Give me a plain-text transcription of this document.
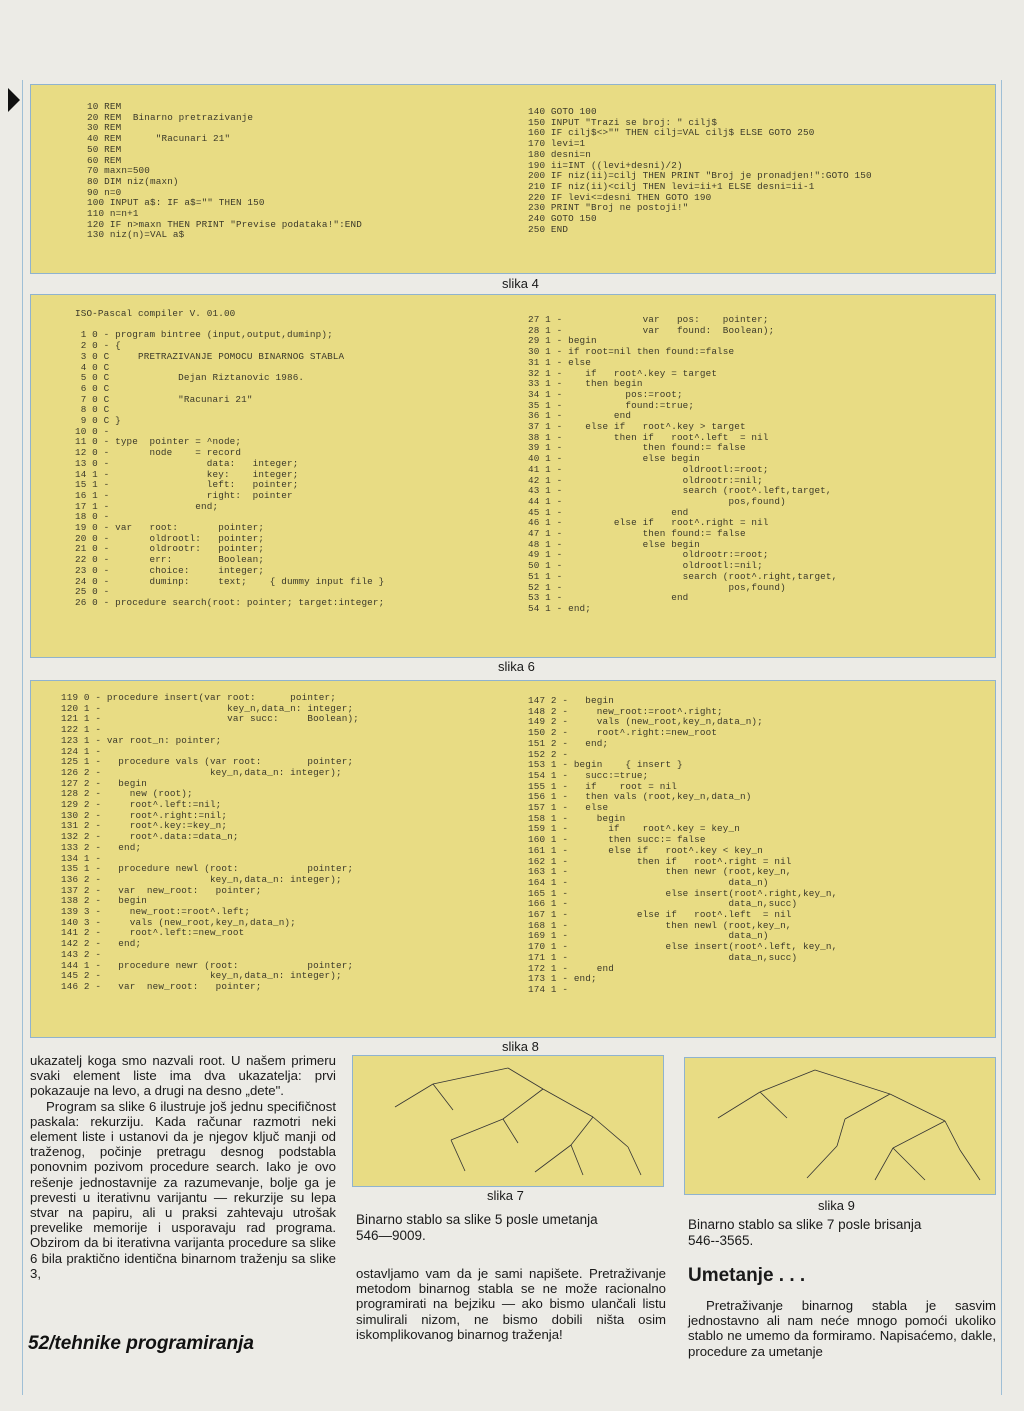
10 REM
20 REM  Binarno pretrazivanje
30 REM
40 REM      "Racunari 21"
50 REM
60 REM
70 maxn=500
80 DIM niz(maxn)
90 n=0
100 INPUT a$: IF a$="" THEN 150
110 n=n+1
120 IF n>maxn THEN PRINT "Previse podataka!":END
130 niz(n)=VAL a$
140 GOTO 100
150 INPUT "Trazi se broj: " cilj$
160 IF cilj$<>"" THEN cilj=VAL cilj$ ELSE GOTO 250
170 levi=1
180 desni=n
190 ii=INT ((levi+desni)/2)
200 IF niz(ii)=cilj THEN PRINT "Broj je pronadjen!":GOTO 150
210 IF niz(ii)<cilj THEN levi=ii+1 ELSE desni=ii-1
220 IF levi<=desni THEN GOTO 190
230 PRINT "Broj ne postoji!"
240 GOTO 150
250 END
slika 4
ISO-Pascal compiler V. 01.00

1 0 - program bintree (input,output,duminp);
2 0 - {
3 0 C     PRETRAZIVANJE POMOCU BINARNOG STABLA
4 0 C
5 0 C            Dejan Riztanovic 1986.
6 0 C
7 0 C            "Racunari 21"
8 0 C
9 0 C }
10 0 -
11 0 - type  pointer = ^node;
12 0 -       node    = record
13 0 -                 data:   integer;
14 1 -                 key:    integer;
15 1 -                 left:   pointer;
16 1 -                 right:  pointer
17 1 -               end;
18 0 -
19 0 - var   root:       pointer;
20 0 -       oldrootl:   pointer;
21 0 -       oldrootr:   pointer;
22 0 -       err:        Boolean;
23 0 -       choice:     integer;
24 0 -       duminp:     text;    { dummy input file }
25 0 -
26 0 - procedure search(root: pointer; target:integer;
27 1 -              var   pos:    pointer;
28 1 -              var   found:  Boolean);
29 1 - begin
30 1 - if root=nil then found:=false
31 1 - else
32 1 -    if   root^.key = target
33 1 -    then begin
34 1 -           pos:=root;
35 1 -           found:=true;
36 1 -         end
37 1 -    else if   root^.key > target
38 1 -         then if   root^.left  = nil
39 1 -              then found:= false
40 1 -              else begin
41 1 -                     oldrootl:=root;
42 1 -                     oldrootr:=nil;
43 1 -                     search (root^.left,target,
44 1 -                             pos,found)
45 1 -                   end
46 1 -         else if   root^.right = nil
47 1 -              then found:= false
48 1 -              else begin
49 1 -                     oldrootr:=root;
50 1 -                     oldrootl:=nil;
51 1 -                     search (root^.right,target,
52 1 -                             pos,found)
53 1 -                   end
54 1 - end;
slika 6
119 0 - procedure insert(var root:      pointer;
120 1 -                      key_n,data_n: integer;
121 1 -                      var succ:     Boolean);
122 1 -
123 1 - var root_n: pointer;
124 1 -
125 1 -   procedure vals (var root:        pointer;
126 2 -                   key_n,data_n: integer);
127 2 -   begin
128 2 -     new (root);
129 2 -     root^.left:=nil;
130 2 -     root^.right:=nil;
131 2 -     root^.key:=key_n;
132 2 -     root^.data:=data_n;
133 2 -   end;
134 1 -
135 1 -   procedure newl (root:            pointer;
136 2 -                   key_n,data_n: integer);
137 2 -   var  new_root:   pointer;
138 2 -   begin
139 3 -     new_root:=root^.left;
140 3 -     vals (new_root,key_n,data_n);
141 2 -     root^.left:=new_root
142 2 -   end;
143 2 -
144 1 -   procedure newr (root:            pointer;
145 2 -                   key_n,data_n: integer);
146 2 -   var  new_root:   pointer;
147 2 -   begin
148 2 -     new_root:=root^.right;
149 2 -     vals (new_root,key_n,data_n);
150 2 -     root^.right:=new_root
151 2 -   end;
152 2 -
153 1 - begin    { insert }
154 1 -   succ:=true;
155 1 -   if    root = nil
156 1 -   then vals (root,key_n,data_n)
157 1 -   else
158 1 -     begin
159 1 -       if    root^.key = key_n
160 1 -       then succ:= false
161 1 -       else if   root^.key < key_n
162 1 -            then if   root^.right = nil
163 1 -                 then newr (root,key_n,
164 1 -                            data_n)
165 1 -                 else insert(root^.right,key_n,
166 1 -                            data_n,succ)
167 1 -            else if   root^.left  = nil
168 1 -                 then newl (root,key_n,
169 1 -                            data_n)
170 1 -                 else insert(root^.left, key_n,
171 1 -                            data_n,succ)
172 1 -     end
173 1 - end;
174 1 -
slika 8

ukazatelj koga smo nazvali root. U našem primeru svaki element liste ima dva ukazatelja: prvi pokazauje na levo, a drugi na desno „dete".

Program sa slike 6 ilustruje još jednu specifičnost paskala: rekurziju. Kada računar razmotri neki element liste i ustanovi da je njegov ključ manji od traženog, počinje pretragu desnog podstabla ponovnim pozivom procedure search. Iako je ovo rešenje jednostavnije za razumevanje, bolje ga je prevesti u iterativnu varijantu — rekurzije su lepa stvar na papiru, ali u praksi zahtevaju utrošak prevelike memorije i usporavaju rad programa. Obzirom da bi iterativna varijanta procedure sa slike 6 bila praktično identična binarnom traženju sa slike 3,

slika 7
Binarno stablo sa slike 5 posle umetanja 546—9009.
slika 9
Binarno stablo sa slike 7 posle brisanja 546--3565.
ostavljamo vam da je sami napišete. Pretraživanje metodom binarnog stabla se ne može racionalno programirati na bejziku — ako bismo ulančali listu simulirali nizom, ne bismo dobili ništa osim iskomplikovanog binarnog traženja!
Umetanje . . .
Pretraživanje binarnog stabla je sasvim jednostavno ali nam neće mnogo pomoći ukoliko stablo ne umemo da formiramo. Napisaćemo, dakle, procedure za umetanje
52/tehnike programiranja
